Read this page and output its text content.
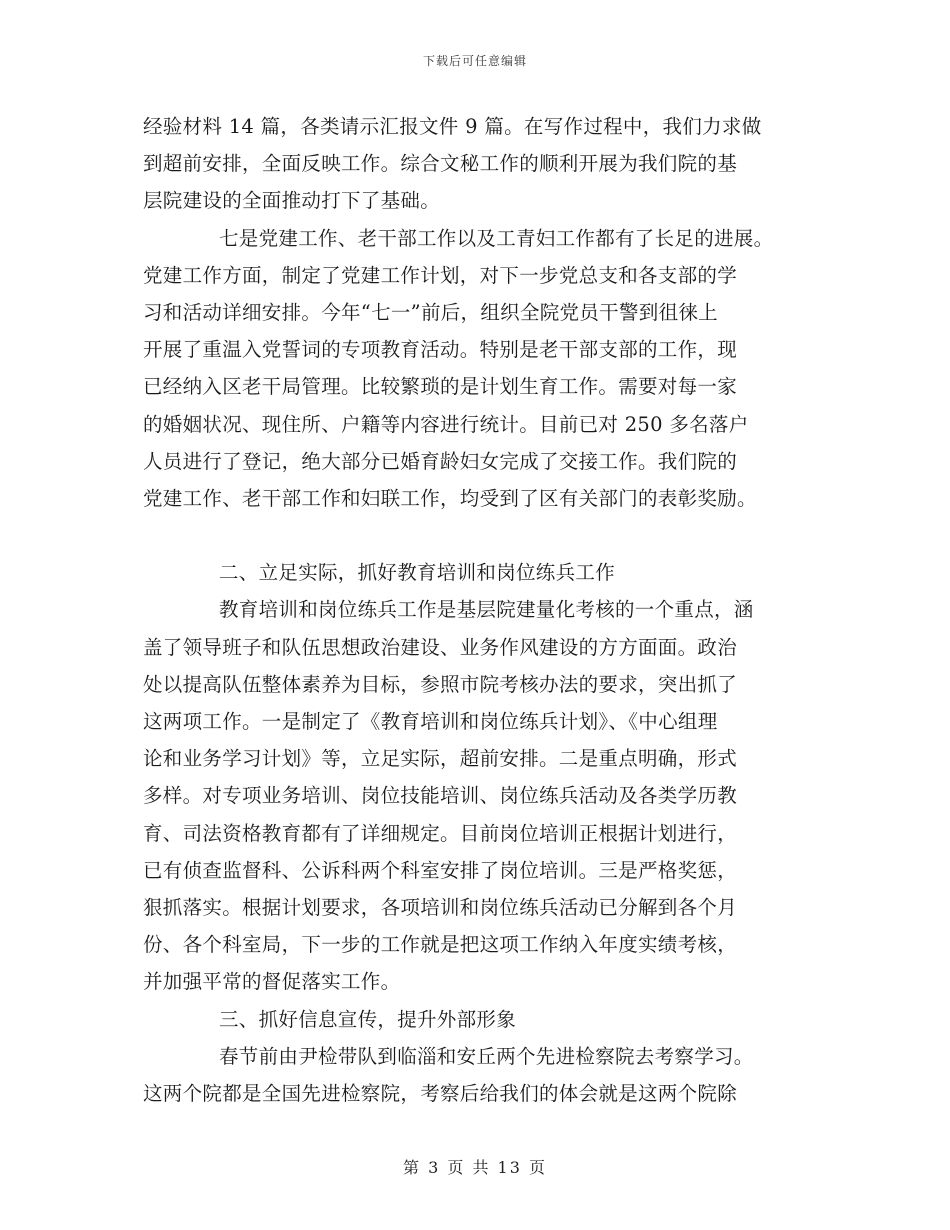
下载后可任意编辑
经验材料 14 篇，各类请示汇报文件 9 篇。在写作过程中，我们力求做
到超前安排，全面反映工作。综合文秘工作的顺利开展为我们院的基
层院建设的全面推动打下了基础。
七是党建工作、老干部工作以及工青妇工作都有了长足的进展。
党建工作方面，制定了党建工作计划，对下一步党总支和各支部的学
习和活动详细安排。今年“七一”前后，组织全院党员干警到徂徕上
开展了重温入党誓词的专项教育活动。特别是老干部支部的工作，现
已经纳入区老干局管理。比较繁琐的是计划生育工作。需要对每一家
的婚姻状况、现住所、户籍等内容进行统计。目前已对 250 多名落户
人员进行了登记，绝大部分已婚育龄妇女完成了交接工作。我们院的
党建工作、老干部工作和妇联工作，均受到了区有关部门的表彰奖励。
二、立足实际，抓好教育培训和岗位练兵工作
教育培训和岗位练兵工作是基层院建量化考核的一个重点，涵
盖了领导班子和队伍思想政治建设、业务作风建设的方方面面。政治
处以提高队伍整体素养为目标，参照市院考核办法的要求，突出抓了
这两项工作。一是制定了《教育培训和岗位练兵计划》、《中心组理
论和业务学习计划》等，立足实际，超前安排。二是重点明确，形式
多样。对专项业务培训、岗位技能培训、岗位练兵活动及各类学历教
育、司法资格教育都有了详细规定。目前岗位培训正根据计划进行，
已有侦查监督科、公诉科两个科室安排了岗位培训。三是严格奖惩，
狠抓落实。根据计划要求，各项培训和岗位练兵活动已分解到各个月
份、各个科室局，下一步的工作就是把这项工作纳入年度实绩考核，
并加强平常的督促落实工作。
三、抓好信息宣传，提升外部形象
春节前由尹检带队到临淄和安丘两个先进检察院去考察学习。
这两个院都是全国先进检察院，考察后给我们的体会就是这两个院除
第 3 页 共 13 页
